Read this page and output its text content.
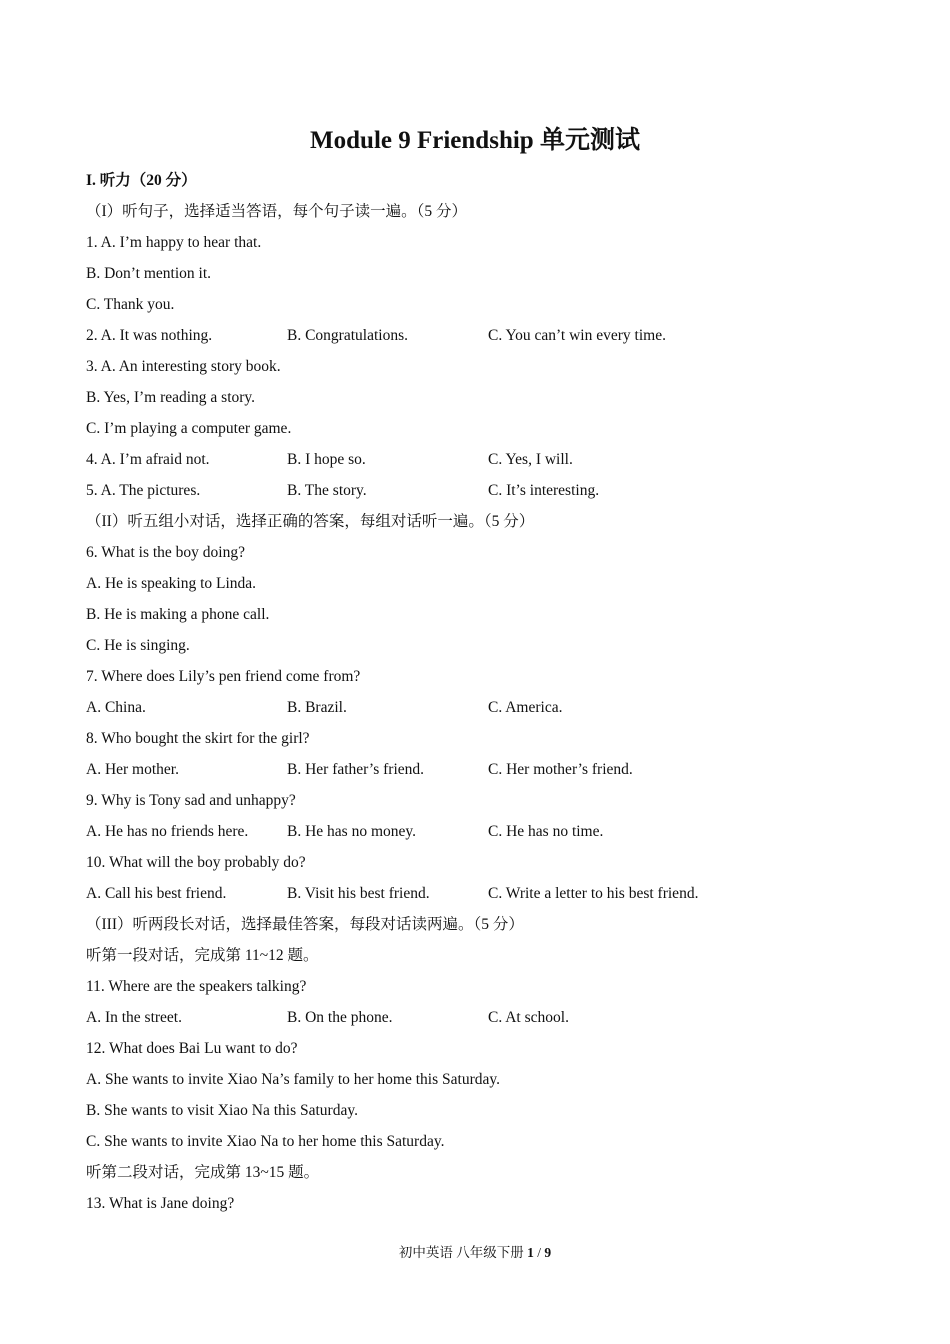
Module 9 Friendship 单元测试
I. 听力（20 分）
（I）听句子，选择适当答语，每个句子读一遍。（5 分）
1. A. I’m happy to hear that.
B. Don’t mention it.
C. Thank you.
2. A. It was nothing.	B. Congratulations.	C. You can’t win every time.
3. A. An interesting story book.
B. Yes, I’m reading a story.
C. I’m playing a computer game.
4. A. I’m afraid not.	B. I hope so.	C. Yes, I will.
5. A. The pictures.	B. The story.	C. It’s interesting.
（II）听五组小对话，选择正确的答案，每组对话听一遍。（5 分）
6. What is the boy doing?
A. He is speaking to Linda.
B. He is making a phone call.
C. He is singing.
7. Where does Lily’s pen friend come from?
A. China.	B. Brazil.	C. America.
8. Who bought the skirt for the girl?
A. Her mother.	B. Her father’s friend.	C. Her mother’s friend.
9. Why is Tony sad and unhappy?
A. He has no friends here. B. He has no money.	C. He has no time.
10. What will the boy probably do?
A. Call his best friend.	B. Visit his best friend.	C. Write a letter to his best friend.
（III）听两段长对话，选择最佳答案，每段对话读两遍。（5 分）
听第一段对话，完成第 11~12 题。
11. Where are the speakers talking?
A. In the street.	B. On the phone.	C. At school.
12. What does Bai Lu want to do?
A. She wants to invite Xiao Na’s family to her home this Saturday.
B. She wants to visit Xiao Na this Saturday.
C. She wants to invite Xiao Na to her home this Saturday.
听第二段对话，完成第 13~15 题。
13. What is Jane doing?
初中英语 八年级下册 1 / 9
